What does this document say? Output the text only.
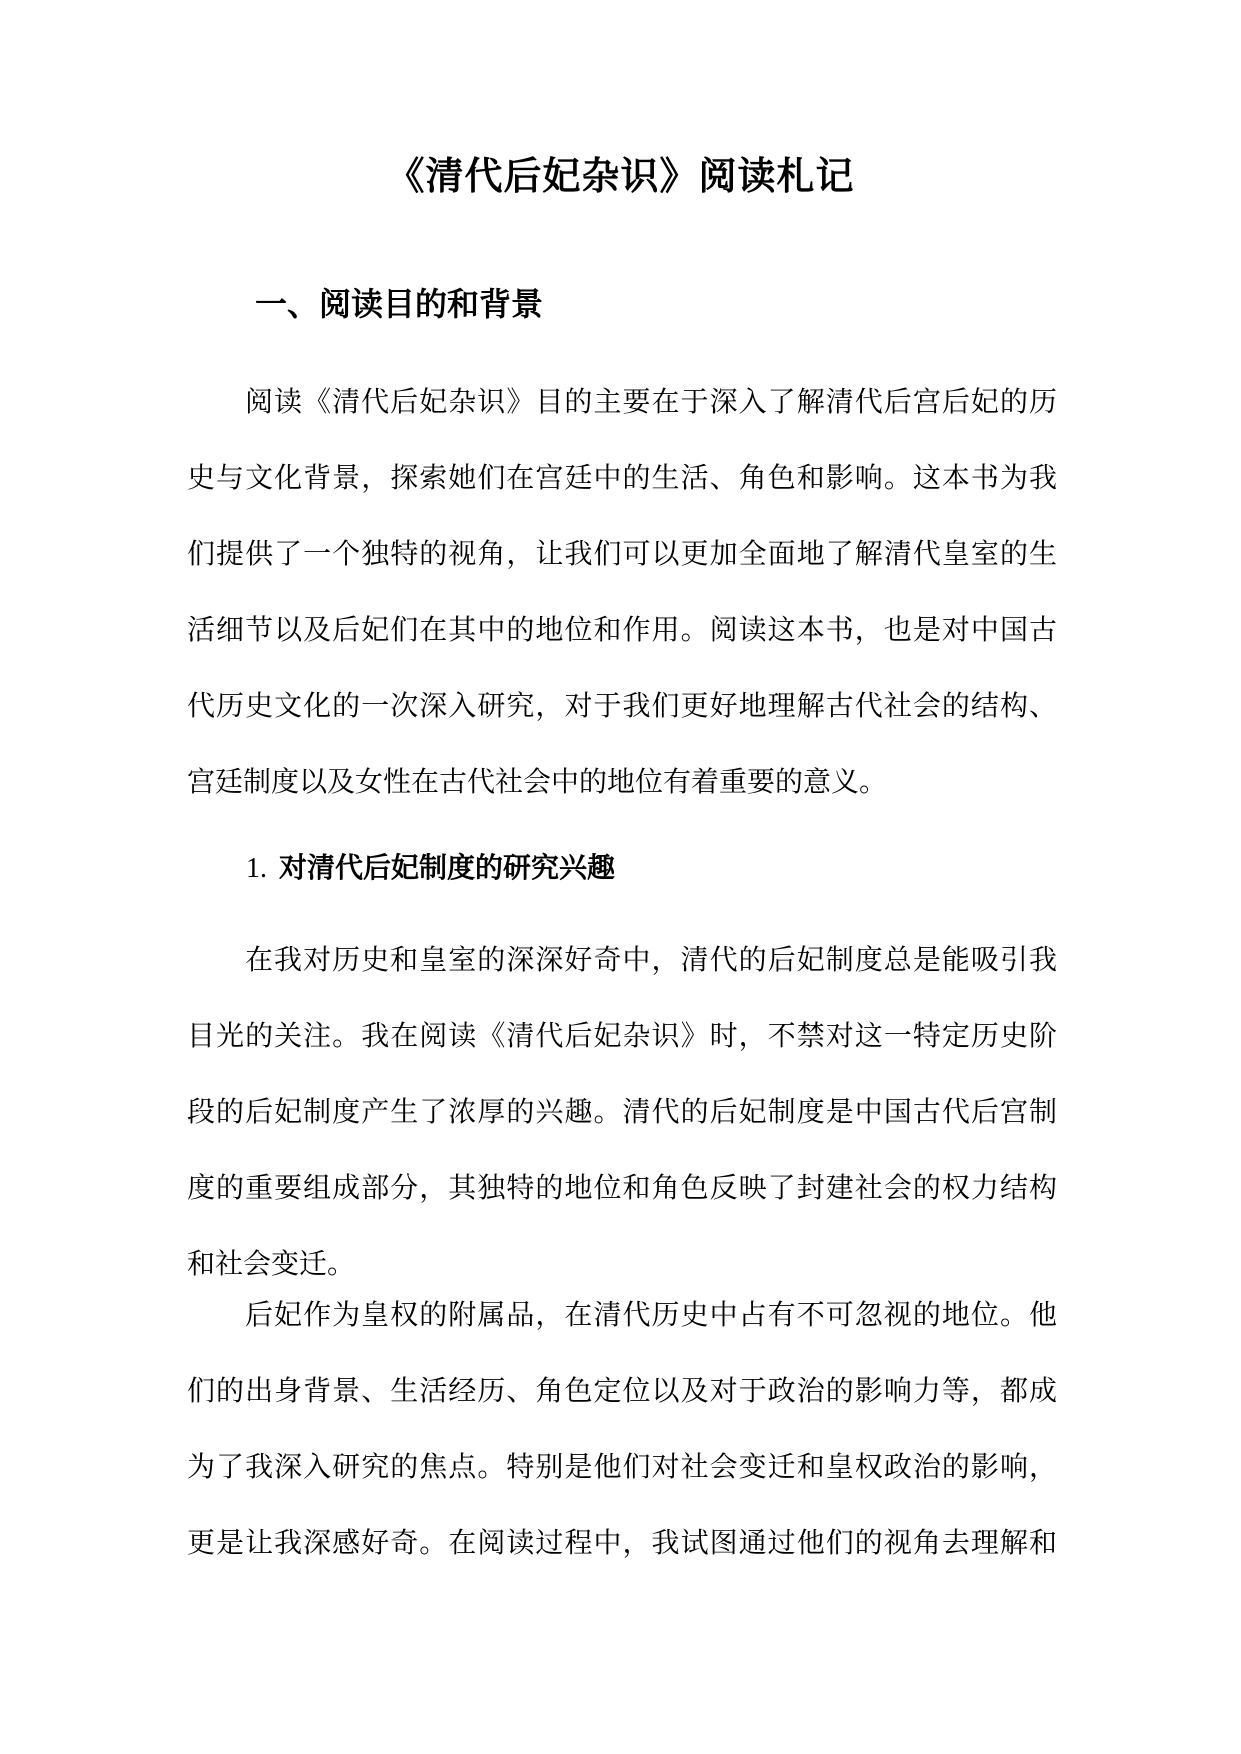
《清代后妃杂识》阅读札记
一、阅读目的和背景
阅读《清代后妃杂识》目的主要在于深入了解清代后宫后妃的历
史与文化背景，探索她们在宫廷中的生活、角色和影响。这本书为我
们提供了一个独特的视角，让我们可以更加全面地了解清代皇室的生
活细节以及后妃们在其中的地位和作用。阅读这本书，也是对中国古
代历史文化的一次深入研究，对于我们更好地理解古代社会的结构、
宫廷制度以及女性在古代社会中的地位有着重要的意义。
1. 对清代后妃制度的研究兴趣
在我对历史和皇室的深深好奇中，清代的后妃制度总是能吸引我
目光的关注。我在阅读《清代后妃杂识》时，不禁对这一特定历史阶
段的后妃制度产生了浓厚的兴趣。清代的后妃制度是中国古代后宫制
度的重要组成部分，其独特的地位和角色反映了封建社会的权力结构
和社会变迁。
后妃作为皇权的附属品，在清代历史中占有不可忽视的地位。他
们的出身背景、生活经历、角色定位以及对于政治的影响力等，都成
为了我深入研究的焦点。特别是他们对社会变迁和皇权政治的影响，
更是让我深感好奇。在阅读过程中，我试图通过他们的视角去理解和
